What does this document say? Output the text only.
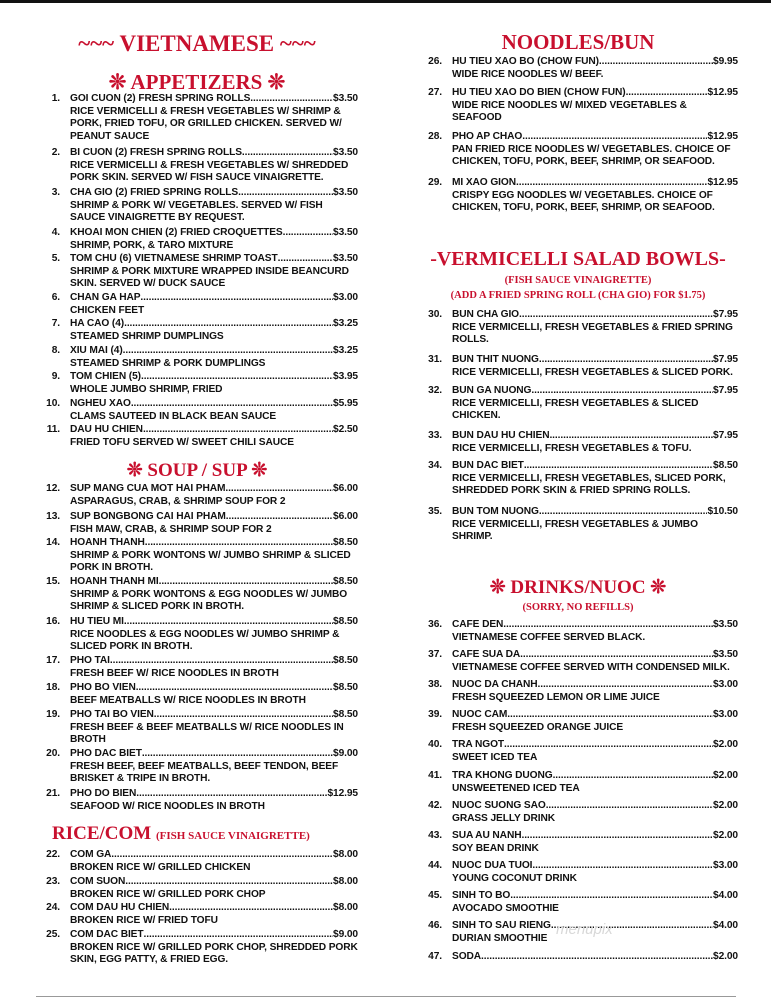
~~~ VIETNAMESE ~~~
❊ APPETIZERS ❊
1. GOI CUON (2) FRESH SPRING ROLLS .....	$3.50
RICE VERMICELLI & FRESH VEGETABLES W/ SHRIMP & PORK, FRIED TOFU, OR GRILLED CHICKEN. SERVED W/ PEANUT SAUCE
2. BI CUON (2) FRESH SPRING ROLLS .....	$3.50
RICE VERMICELLI & FRESH VEGETABLES W/ SHREDDED PORK SKIN. SERVED W/ FISH SAUCE VINAIGRETTE.
3. CHA GIO (2) FRIED SPRING ROLLS .....	$3.50
SHRIMP & PORK W/ VEGETABLES. SERVED W/ FISH SAUCE VINAIGRETTE BY REQUEST.
4. KHOAI MON CHIEN (2) FRIED CROQUETTES .....	$3.50
SHRIMP, PORK, & TARO MIXTURE
5. TOM CHU (6) VIETNAMESE SHRIMP TOAST .....	$3.50
SHRIMP & PORK MIXTURE WRAPPED INSIDE BEANCURD SKIN. SERVED W/ DUCK SAUCE
6. CHAN GA HAP .....	$3.00
CHICKEN FEET
7. HA CAO (4) .....	$3.25
STEAMED SHRIMP DUMPLINGS
8. XIU MAI (4) .....	$3.25
STEAMED SHRIMP & PORK DUMPLINGS
9. TOM CHIEN (5) .....	$3.95
WHOLE JUMBO SHRIMP, FRIED
10. NGHEU XAO .....	$5.95
CLAMS SAUTEED IN BLACK BEAN SAUCE
11. DAU HU CHIEN .....	$2.50
FRIED TOFU SERVED W/ SWEET CHILI SAUCE
❊ SOUP / SUP ❊
12. SUP MANG CUA MOT HAI PHAM .....	$6.00
ASPARAGUS, CRAB, & SHRIMP SOUP FOR 2
13. SUP BONGBONG CAI HAI PHAM .....	$6.00
FISH MAW, CRAB, & SHRIMP SOUP FOR 2
14. HOANH THANH .....	$8.50
SHRIMP & PORK WONTONS W/ JUMBO SHRIMP & SLICED PORK IN BROTH.
15. HOANH THANH MI .....	$8.50
SHRIMP & PORK WONTONS & EGG NOODLES W/ JUMBO SHRIMP & SLICED PORK IN BROTH.
16. HU TIEU MI .....	$8.50
RICE NOODLES & EGG NOODLES W/ JUMBO SHRIMP & SLICED PORK IN BROTH.
17. PHO TAI .....	$8.50
FRESH BEEF W/ RICE NOODLES IN BROTH
18. PHO BO VIEN .....	$8.50
BEEF MEATBALLS W/ RICE NOODLES IN BROTH
19. PHO TAI BO VIEN .....	$8.50
FRESH BEEF & BEEF MEATBALLS W/ RICE NOODLES IN BROTH
20. PHO DAC BIET .....	$9.00
FRESH BEEF, BEEF MEATBALLS, BEEF TENDON, BEEF BRISKET & TRIPE IN BROTH.
21. PHO DO BIEN .....	$12.95
SEAFOOD W/ RICE NOODLES IN BROTH
RICE/COM (FISH SAUCE VINAIGRETTE)
22. COM GA .....	$8.00
BROKEN RICE W/ GRILLED CHICKEN
23. COM SUON .....	$8.00
BROKEN RICE W/ GRILLED PORK CHOP
24. COM DAU HU CHIEN .....	$8.00
BROKEN RICE W/ FRIED TOFU
25. COM DAC BIET .....	$9.00
BROKEN RICE W/ GRILLED PORK CHOP, SHREDDED PORK SKIN, EGG PATTY, & FRIED EGG.
NOODLES/BUN
26. HU TIEU XAO BO (CHOW FUN) .....	$9.95
WIDE RICE NOODLES W/ BEEF.
27. HU TIEU XAO DO BIEN (CHOW FUN) .....	$12.95
WIDE RICE NOODLES W/ MIXED VEGETABLES & SEAFOOD
28. PHO AP CHAO .....	$12.95
PAN FRIED RICE NOODLES W/ VEGETABLES. CHOICE OF CHICKEN, TOFU, PORK, BEEF, SHRIMP, OR SEAFOOD.
29. MI XAO GION .....	$12.95
CRISPY EGG NOODLES W/ VEGETABLES. CHOICE OF CHICKEN, TOFU, PORK, BEEF, SHRIMP, OR SEAFOOD.
-VERMICELLI SALAD BOWLS-
(FISH SAUCE VINAIGRETTE)
(ADD A FRIED SPRING ROLL (CHA GIO) FOR $1.75)
30. BUN CHA GIO .....	$7.95
RICE VERMICELLI, FRESH VEGETABLES & FRIED SPRING ROLLS.
31. BUN THIT NUONG .....	$7.95
RICE VERMICELLI, FRESH VEGETABLES & SLICED PORK.
32. BUN GA NUONG .....	$7.95
RICE VERMICELLI, FRESH VEGETABLES & SLICED CHICKEN.
33. BUN DAU HU CHIEN .....	$7.95
RICE VERMICELLI, FRESH VEGETABLES & TOFU.
34. BUN DAC BIET .....	$8.50
RICE VERMICELLI, FRESH VEGETABLES, SLICED PORK, SHREDDED PORK SKIN & FRIED SPRING ROLLS.
35. BUN TOM NUONG .....	$10.50
RICE VERMICELLI, FRESH VEGETABLES & JUMBO SHRIMP.
❊ DRINKS/NUOC ❊
(SORRY, NO REFILLS)
36. CAFE DEN .....	$3.50
VIETNAMESE COFFEE SERVED BLACK.
37. CAFE SUA DA .....	$3.50
VIETNAMESE COFFEE SERVED WITH CONDENSED MILK.
38. NUOC DA CHANH .....	$3.00
FRESH SQUEEZED LEMON OR LIME JUICE
39. NUOC CAM .....	$3.00
FRESH SQUEEZED ORANGE JUICE
40. TRA NGOT .....	$2.00
SWEET ICED TEA
41. TRA KHONG DUONG .....	$2.00
UNSWEETENED ICED TEA
42. NUOC SUONG SAO .....	$2.00
GRASS JELLY DRINK
43. SUA AU NANH .....	$2.00
SOY BEAN DRINK
44. NUOC DUA TUOI .....	$3.00
YOUNG COCONUT DRINK
45. SINH TO BO .....	$4.00
AVOCADO SMOOTHIE
46. SINH TO SAU RIENG .....	$4.00
DURIAN SMOOTHIE
47. SODA .....	$2.00
menupix
